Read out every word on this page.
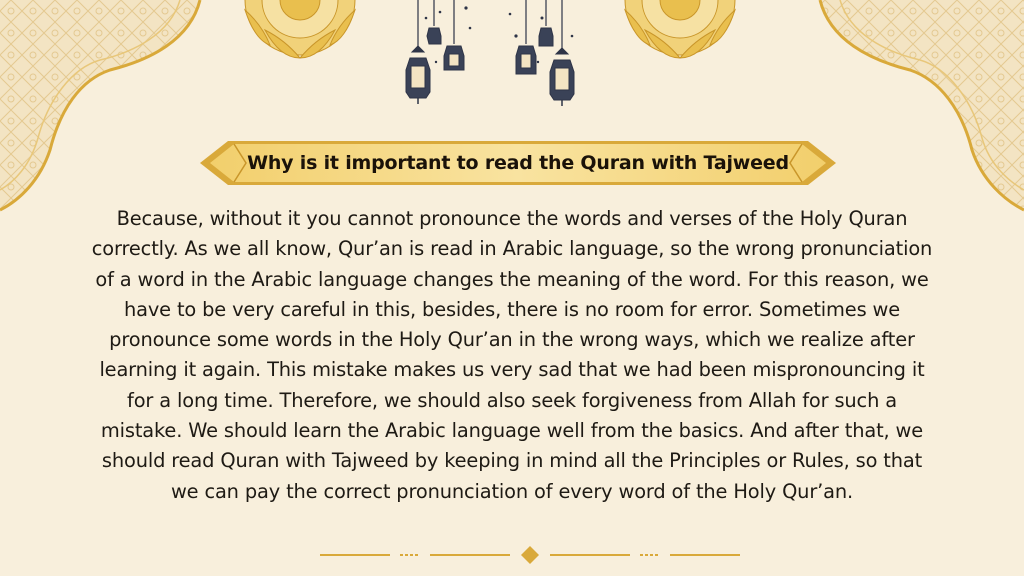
Why is it important to read the Quran with Tajweed
Because, without it you cannot pronounce the words and verses of the Holy Quran correctly. As we all know, Qur’an is read in Arabic language, so the wrong pronunciation of a word in the Arabic language changes the meaning of the word. For this reason, we have to be very careful in this, besides, there is no room for error. Sometimes we pronounce some words in the Holy Qur’an in the wrong ways, which we realize after learning it again. This mistake makes us very sad that we had been mispronouncing it for a long time. Therefore, we should also seek forgiveness from Allah for such a mistake. We should learn the Arabic language well from the basics. And after that, we should read Quran with Tajweed by keeping in mind all the Principles or Rules, so that we can pay the correct pronunciation of every word of the Holy Qur’an.
